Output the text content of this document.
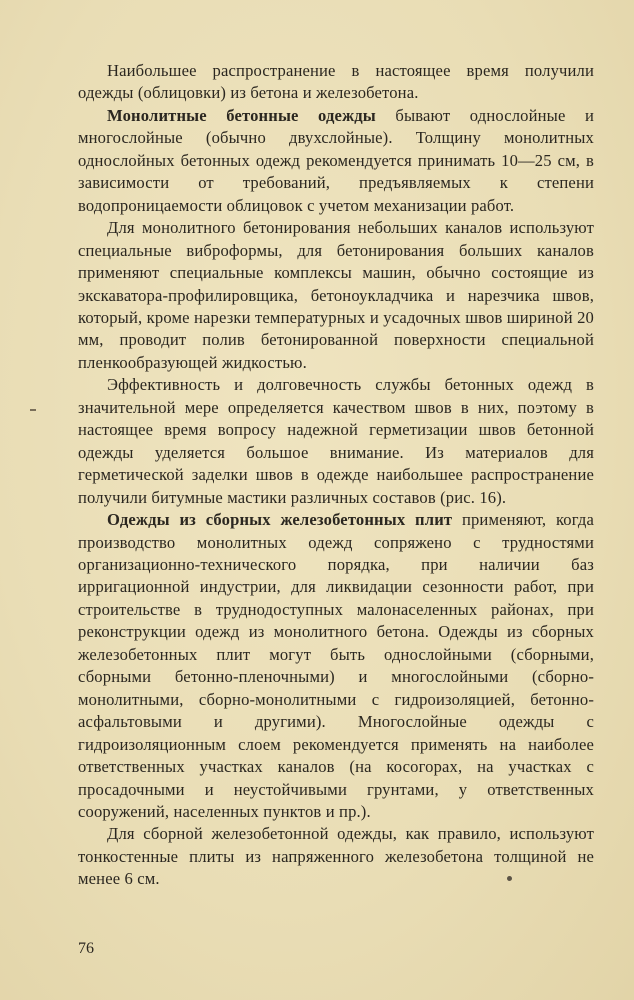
Наибольшее распространение в настоящее время получили одежды (облицовки) из бетона и железобетона.

Монолитные бетонные одежды бывают однослойные и многослойные (обычно двухслойные). Толщину монолитных однослойных бетонных одежд рекомендуется принимать 10—25 см, в зависимости от требований, предъявляемых к степени водопроницаемости облицовок с учетом механизации работ.

Для монолитного бетонирования небольших каналов используют специальные виброформы, для бетонирования больших каналов применяют специальные комплексы машин, обычно состоящие из экскаватора-профилировщика, бетоноукладчика и нарезчика швов, который, кроме нарезки температурных и усадочных швов шириной 20 мм, проводит полив бетонированной поверхности специальной пленкообразующей жидкостью.

Эффективность и долговечность службы бетонных одежд в значительной мере определяется качеством швов в них, поэтому в настоящее время вопросу надежной герметизации швов бетонной одежды уделяется большое внимание. Из материалов для герметической заделки швов в одежде наибольшее распространение получили битумные мастики различных составов (рис. 16).

Одежды из сборных железобетонных плит применяют, когда производство монолитных одежд сопряжено с трудностями организационно-технического порядка, при наличии баз ирригационной индустрии, для ликвидации сезонности работ, при строительстве в труднодоступных малонаселенных районах, при реконструкции одежд из монолитного бетона. Одежды из сборных железобетонных плит могут быть однослойными (сборными, сборными бетонно-пленочными) и многослойными (сборно-монолитными, сборно-монолитными с гидроизоляцией, бетонно-асфальтовыми и другими). Многослойные одежды с гидроизоляционным слоем рекомендуется применять на наиболее ответственных участках каналов (на косогорах, на участках с просадочными и неустойчивыми грунтами, у ответственных сооружений, населенных пунктов и пр.).

Для сборной железобетонной одежды, как правило, используют тонкостенные плиты из напряженного железобетона толщиной не менее 6 см.

76
